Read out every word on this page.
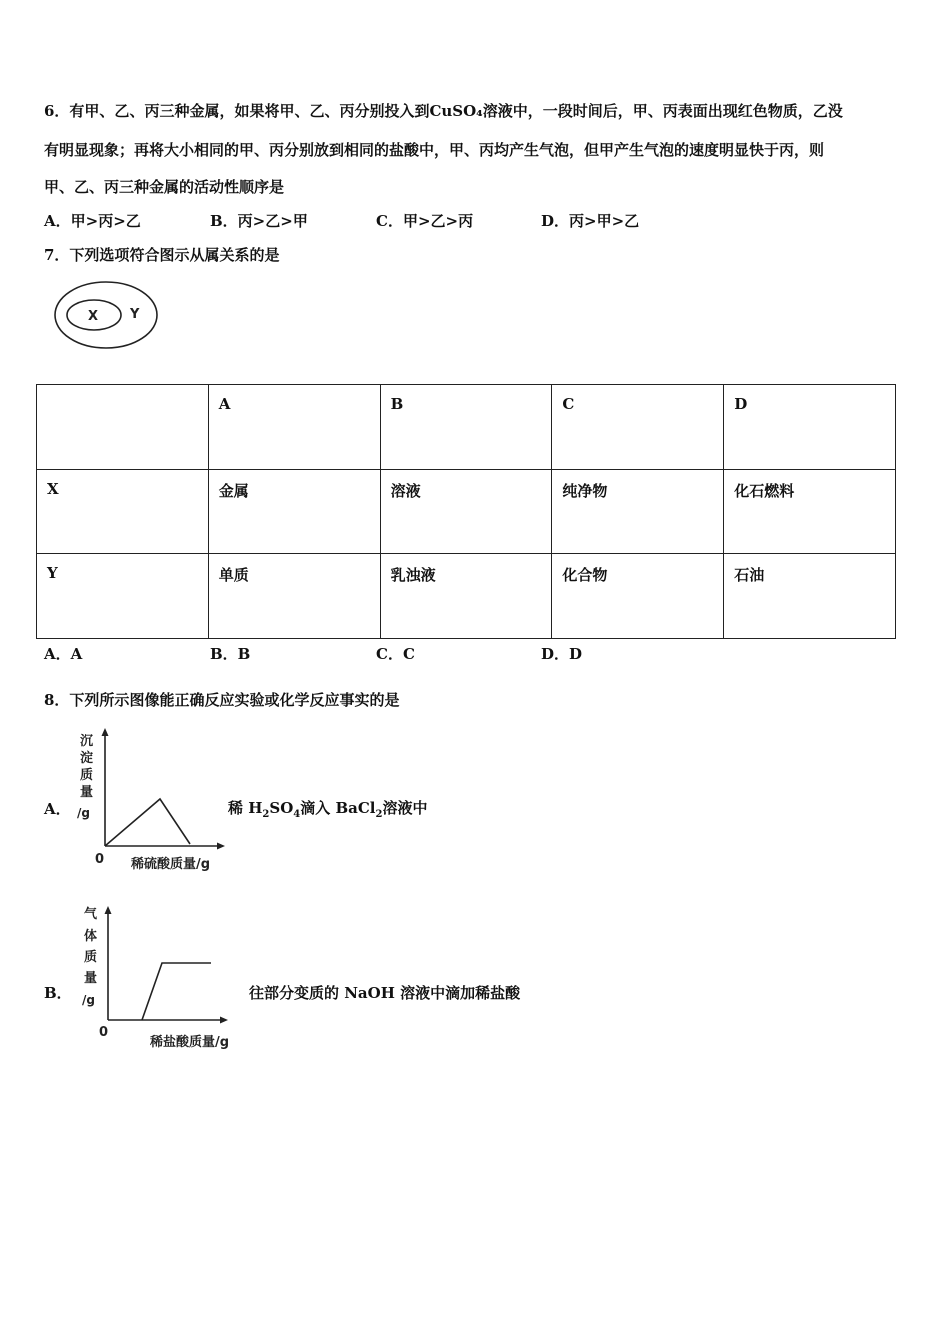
6．有甲、乙、丙三种金属，如果将甲、乙、丙分别投入到CuSO₄溶液中，一段时间后，甲、丙表面出现红色物质，乙没
有明显现象；再将大小相同的甲、丙分别放到相同的盐酸中，甲、丙均产生气泡，但甲产生气泡的速度明显快于丙，则
甲、乙、丙三种金属的活动性顺序是
A．甲>丙>乙	B．丙>乙>甲	C．甲>乙>丙	D．丙>甲>乙
7．下列选项符合图示从属关系的是
X Y
	A	B	C	D
X	金属	溶液	纯净物	化石燃料
Y	单质	乳浊液	化合物	石油
A．A	B．B	C．C	D．D
8．下列所示图像能正确反应实验或化学反应事实的是
A．
沉
淀
质
量
/g
0 稀硫酸质量/g
稀 $H_2SO_4$滴入 BaCl$_2$溶液中
B．
气
体
质
量
/g
0
稀盐酸质量/g
往部分变质的 NaOH 溶液中滴加稀盐酸
